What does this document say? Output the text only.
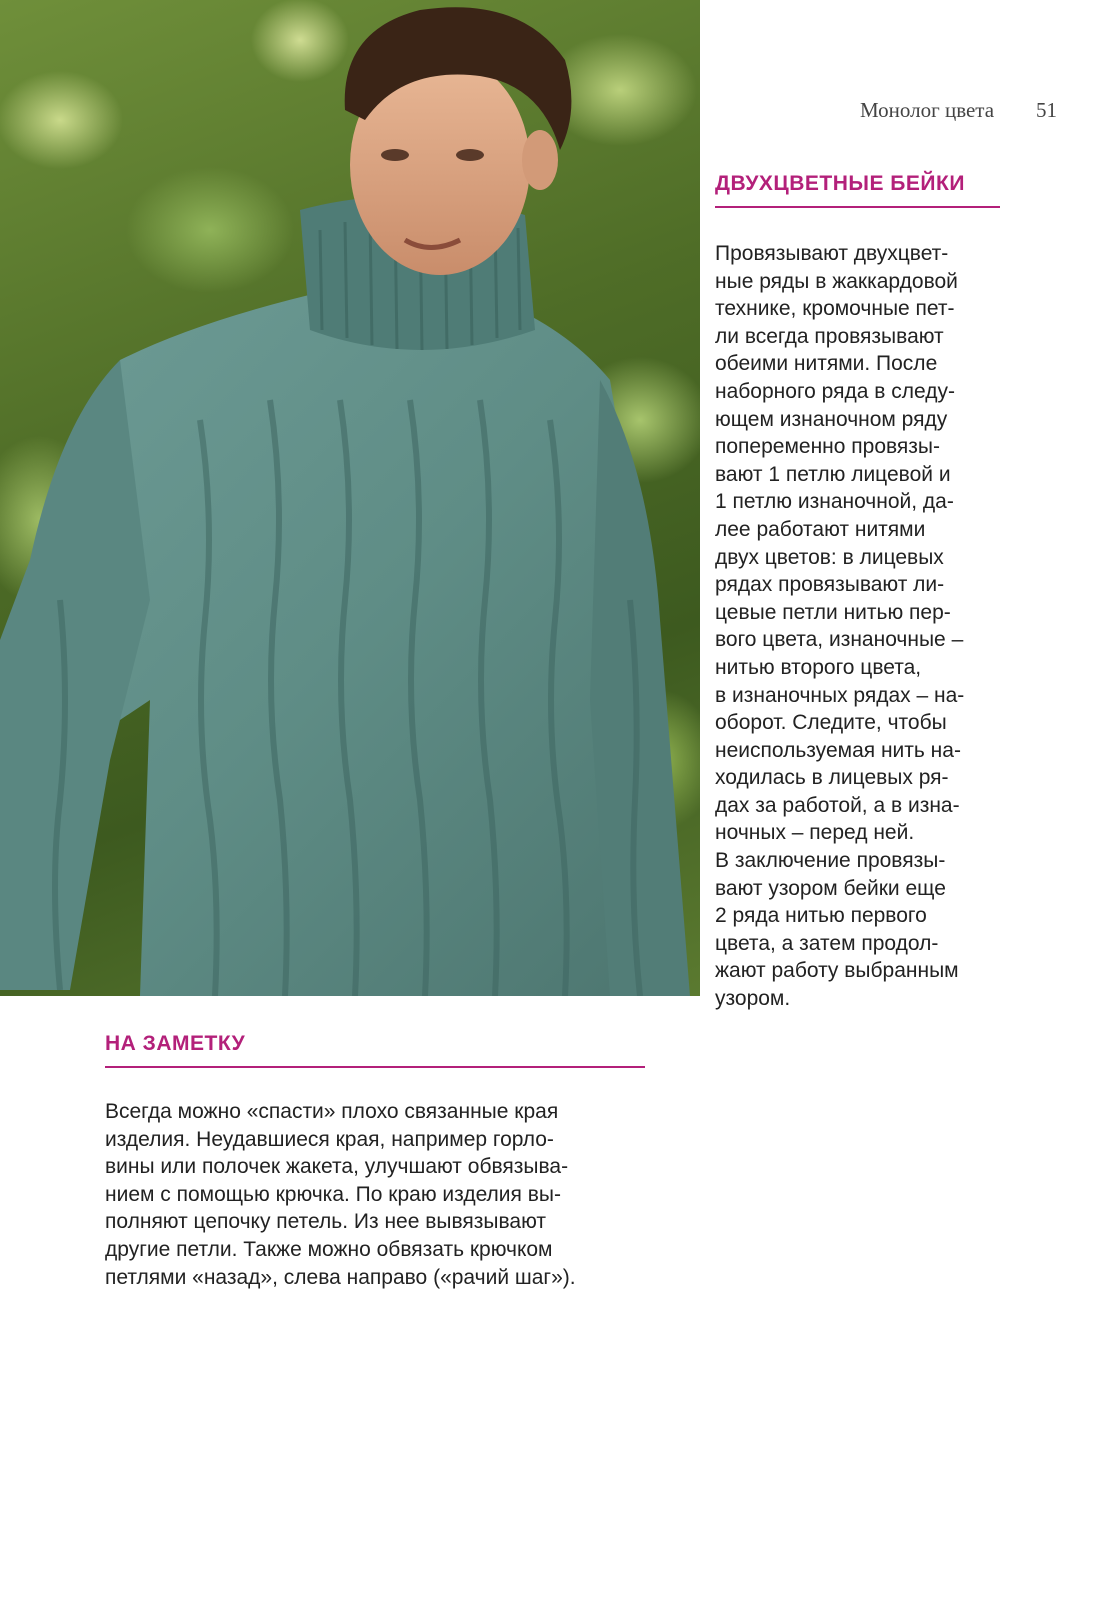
Монолог цвета 51
ДВУХЦВЕТНЫЕ БЕЙКИ
Провязывают двухцвет-
ные ряды в жаккардовой
технике, кромочные пет-
ли всегда провязывают
обеими нитями. После
наборного ряда в следу-
ющем изнаночном ряду
попеременно провязы-
вают 1 петлю лицевой и
1 петлю изнаночной, да-
лее работают нитями
двух цветов: в лицевых
рядах провязывают ли-
цевые петли нитью пер-
вого цвета, изнаночные –
нитью второго цвета,
в изнаночных рядах – на-
оборот. Следите, чтобы
неиспользуемая нить на-
ходилась в лицевых ря-
дах за работой, а в изна-
ночных – перед ней.
В заключение провязы-
вают узором бейки еще
2 ряда нитью первого
цвета, а затем продол-
жают работу выбранным
узором.
НА ЗАМЕТКУ
Всегда можно «спасти» плохо связанные края
изделия. Неудавшиеся края, например горло-
вины или полочек жакета, улучшают обвязыва-
нием с помощью крючка. По краю изделия вы-
полняют цепочку петель. Из нее вывязывают
другие петли. Также можно обвязать крючком
петлями «назад», слева направо («рачий шаг»).
